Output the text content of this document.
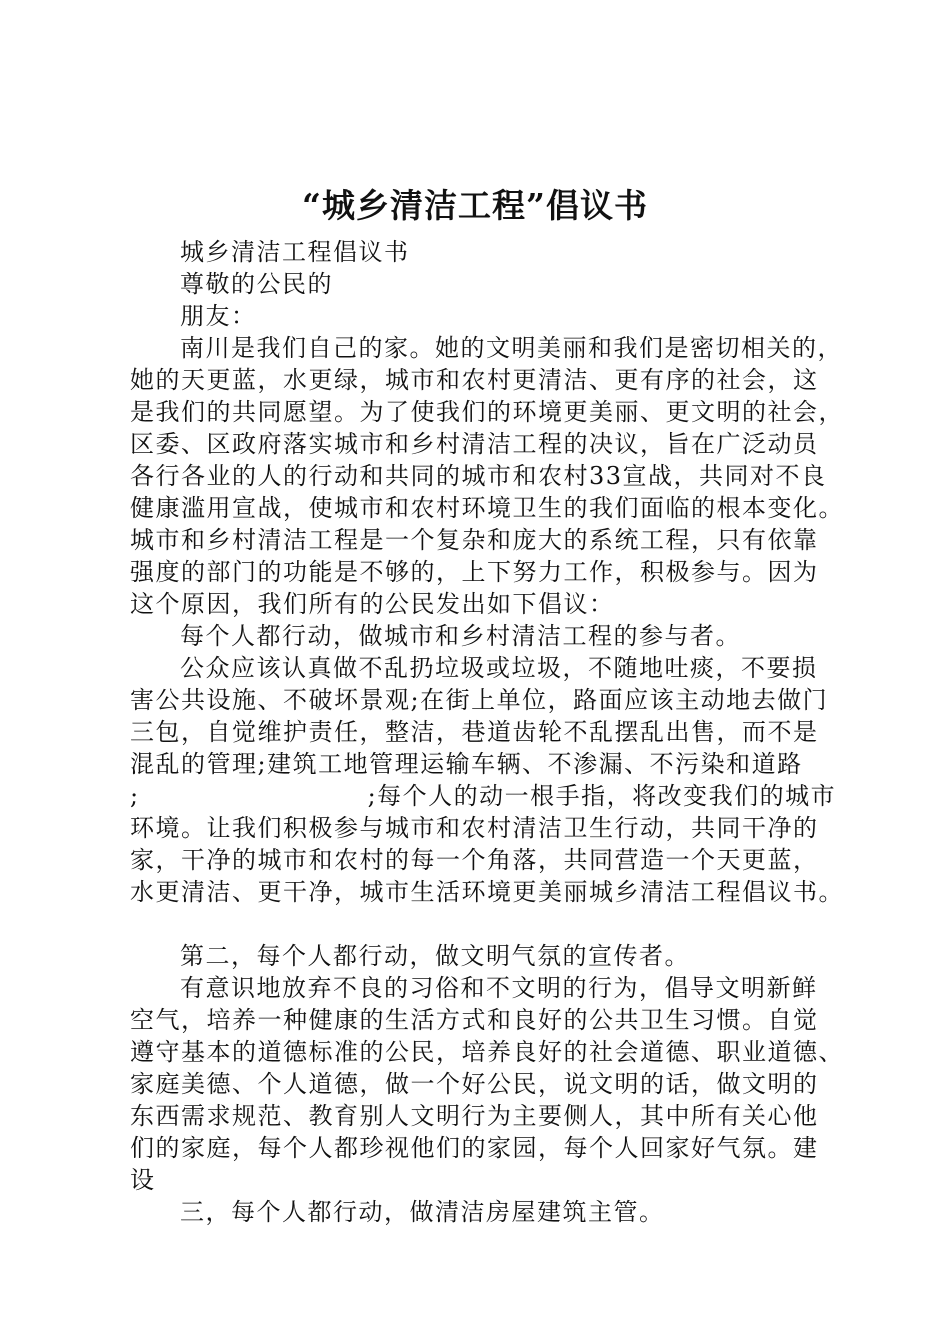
“城乡清洁工程”倡议书
城乡清洁工程倡议书
尊敬的公民的
朋友：
南川是我们自己的家。她的文明美丽和我们是密切相关的，
她的天更蓝，水更绿，城市和农村更清洁、更有序的社会，这
是我们的共同愿望。为了使我们的环境更美丽、更文明的社会，
区委、区政府落实城市和乡村清洁工程的决议，旨在广泛动员
各行各业的人的行动和共同的城市和农村33宣战，共同对不良
健康滥用宣战，使城市和农村环境卫生的我们面临的根本变化。
城市和乡村清洁工程是一个复杂和庞大的系统工程，只有依靠
强度的部门的功能是不够的，上下努力工作，积极参与。因为
这个原因，我们所有的公民发出如下倡议：
每个人都行动，做城市和乡村清洁工程的参与者。
公众应该认真做不乱扔垃圾或垃圾，不随地吐痰，不要损
害公共设施、不破坏景观;在街上单位，路面应该主动地去做门
三包，自觉维护责任，整洁，巷道齿轮不乱摆乱出售，而不是
混乱的管理;建筑工地管理运输车辆、不渗漏、不污染和道路
;	;每个人的动一根手指，将改变我们的城市
环境。让我们积极参与城市和农村清洁卫生行动，共同干净的
家，干净的城市和农村的每一个角落，共同营造一个天更蓝，
水更清洁、更干净，城市生活环境更美丽城乡清洁工程倡议书。
第二，每个人都行动，做文明气氛的宣传者。
有意识地放弃不良的习俗和不文明的行为，倡导文明新鲜
空气，培养一种健康的生活方式和良好的公共卫生习惯。自觉
遵守基本的道德标准的公民，培养良好的社会道德、职业道德、
家庭美德、个人道德，做一个好公民，说文明的话，做文明的
东西需求规范、教育别人文明行为主要侧人，其中所有关心他
们的家庭，每个人都珍视他们的家园，每个人回家好气氛。建
设
三，每个人都行动，做清洁房屋建筑主管。
